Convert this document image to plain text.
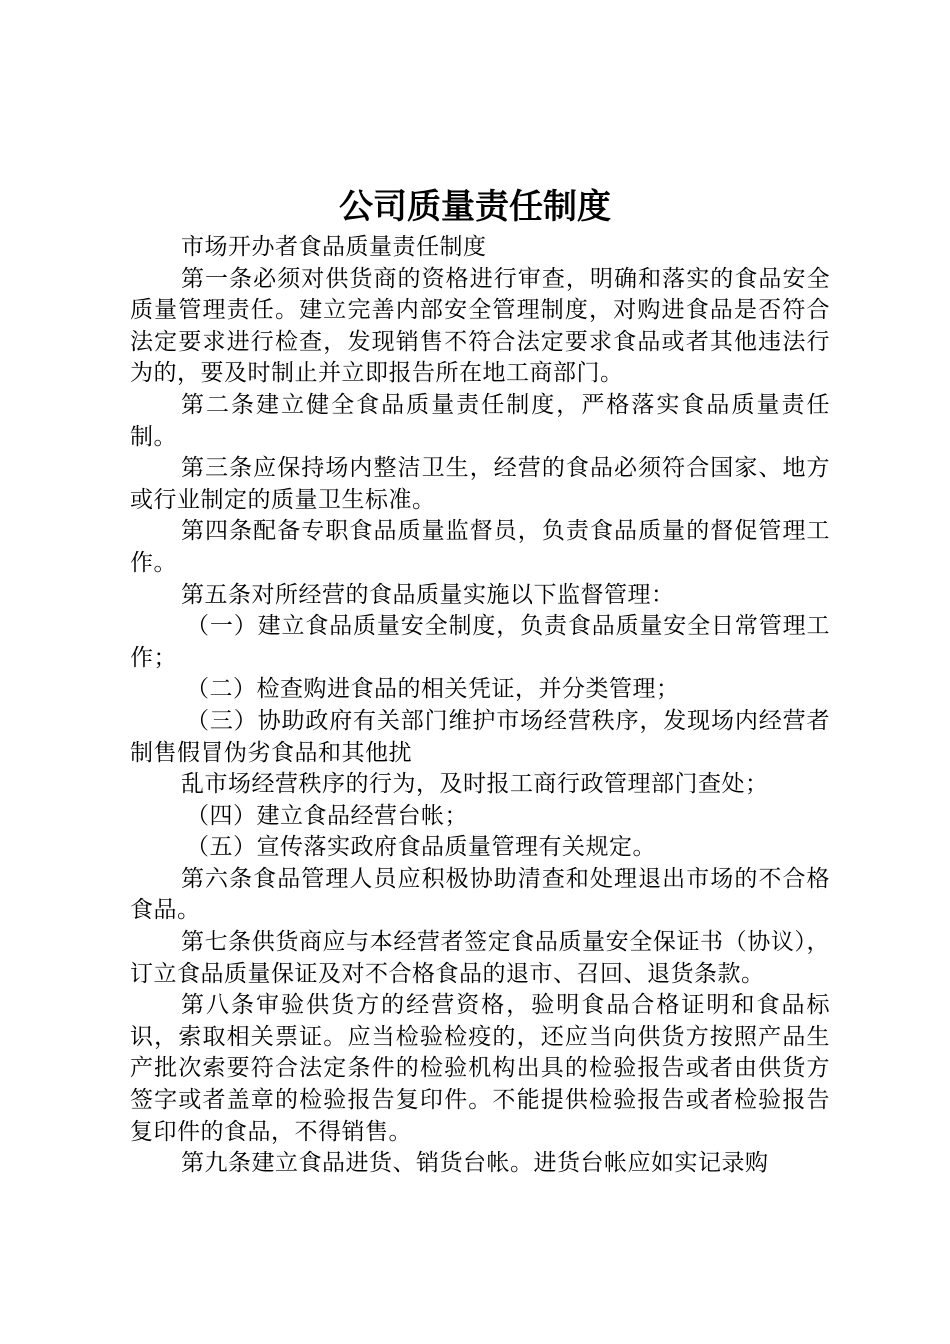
公司质量责任制度

市场开办者食品质量责任制度

第一条必须对供货商的资格进行审查，明确和落实的食品安全质量管理责任。建立完善内部安全管理制度，对购进食品是否符合法定要求进行检查，发现销售不符合法定要求食品或者其他违法行为的，要及时制止并立即报告所在地工商部门。

第二条建立健全食品质量责任制度，严格落实食品质量责任制。

第三条应保持场内整洁卫生，经营的食品必须符合国家、地方或行业制定的质量卫生标准。

第四条配备专职食品质量监督员，负责食品质量的督促管理工作。

第五条对所经营的食品质量实施以下监督管理：

（一）建立食品质量安全制度，负责食品质量安全日常管理工作；

（二）检查购进食品的相关凭证，并分类管理；

（三）协助政府有关部门维护市场经营秩序，发现场内经营者制售假冒伪劣食品和其他扰

乱市场经营秩序的行为，及时报工商行政管理部门查处；

（四）建立食品经营台帐；

（五）宣传落实政府食品质量管理有关规定。

第六条食品管理人员应积极协助清查和处理退出市场的不合格食品。

第七条供货商应与本经营者签定食品质量安全保证书（协议），订立食品质量保证及对不合格食品的退市、召回、退货条款。

第八条审验供货方的经营资格，验明食品合格证明和食品标识，索取相关票证。应当检验检疫的，还应当向供货方按照产品生产批次索要符合法定条件的检验机构出具的检验报告或者由供货方签字或者盖章的检验报告复印件。不能提供检验报告或者检验报告复印件的食品，不得销售。

第九条建立食品进货、销货台帐。进货台帐应如实记录购
